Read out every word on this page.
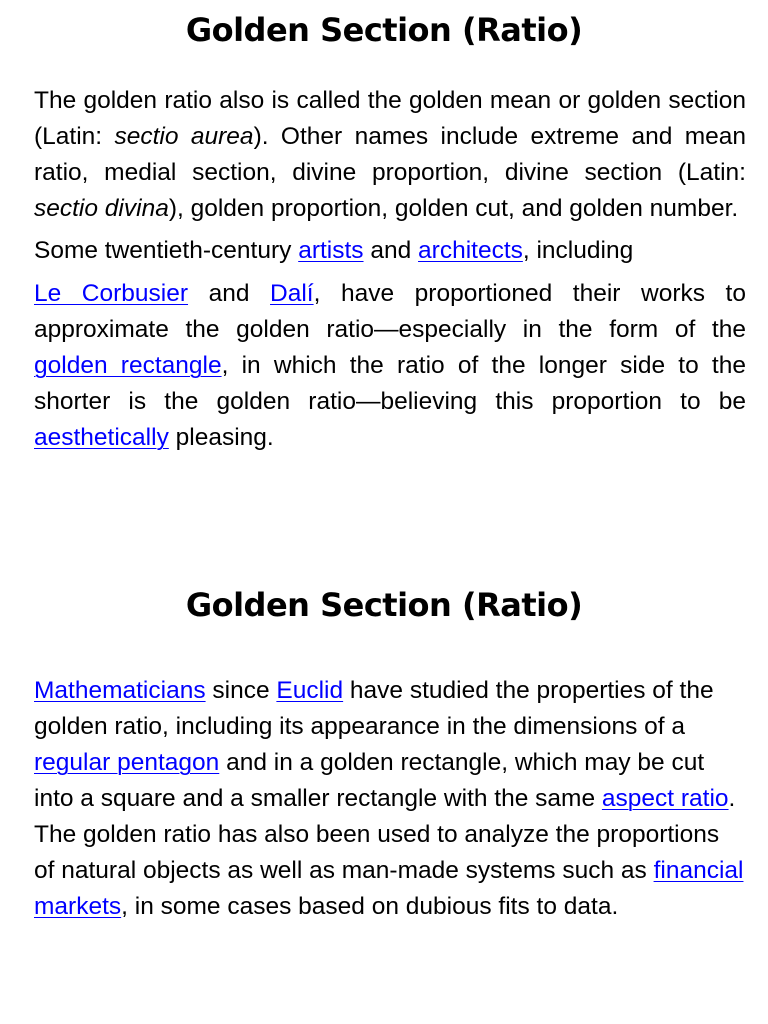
Golden Section (Ratio)

The golden ratio also is called the golden mean or golden section (Latin: sectio aurea). Other names include extreme and mean ratio, medial section, divine proportion, divine section (Latin: sectio divina), golden proportion, golden cut, and golden number.

Some twentieth-century artists and architects, including

Le Corbusier and Dalí, have proportioned their works to approximate the golden ratio—especially in the form of the golden rectangle, in which the ratio of the longer side to the shorter is the golden ratio—believing this proportion to be aesthetically pleasing.

Golden Section (Ratio)

Mathematicians since Euclid have studied the properties of the golden ratio, including its appearance in the dimensions of a regular pentagon and in a golden rectangle, which may be cut into a square and a smaller rectangle with the same aspect ratio. The golden ratio has also been used to analyze the proportions of natural objects as well as man-made systems such as financial markets, in some cases based on dubious fits to data.
